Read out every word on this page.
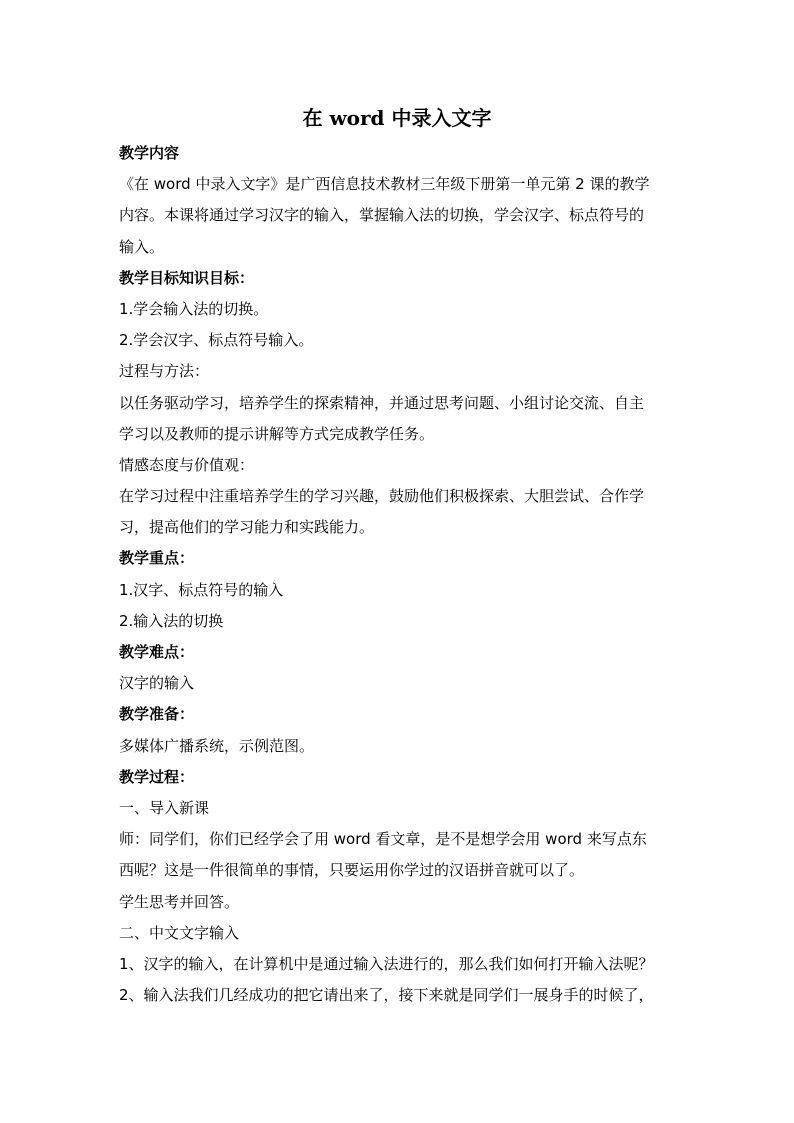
在 word 中录入文字
教学内容
《在 word 中录入文字》是广西信息技术教材三年级下册第一单元第 2 课的教学
内容。本课将通过学习汉字的输入，掌握输入法的切换，学会汉字、标点符号的
输入。
教学目标知识目标：
1.学会输入法的切换。
2.学会汉字、标点符号输入。
过程与方法：
以任务驱动学习，培养学生的探索精神，并通过思考问题、小组讨论交流、自主
学习以及教师的提示讲解等方式完成教学任务。
情感态度与价值观：
在学习过程中注重培养学生的学习兴趣，鼓励他们积极探索、大胆尝试、合作学
习，提高他们的学习能力和实践能力。
教学重点：
1.汉字、标点符号的输入
2.输入法的切换
教学难点：
汉字的输入
教学准备：
多媒体广播系统，示例范图。
教学过程：
一、导入新课
师：同学们，你们已经学会了用 word 看文章，是不是想学会用 word 来写点东
西呢？这是一件很简单的事情，只要运用你学过的汉语拼音就可以了。
学生思考并回答。
二、中文文字输入
1、汉字的输入，在计算机中是通过输入法进行的，那么我们如何打开输入法呢？
2、输入法我们几经成功的把它请出来了，接下来就是同学们一展身手的时候了，
